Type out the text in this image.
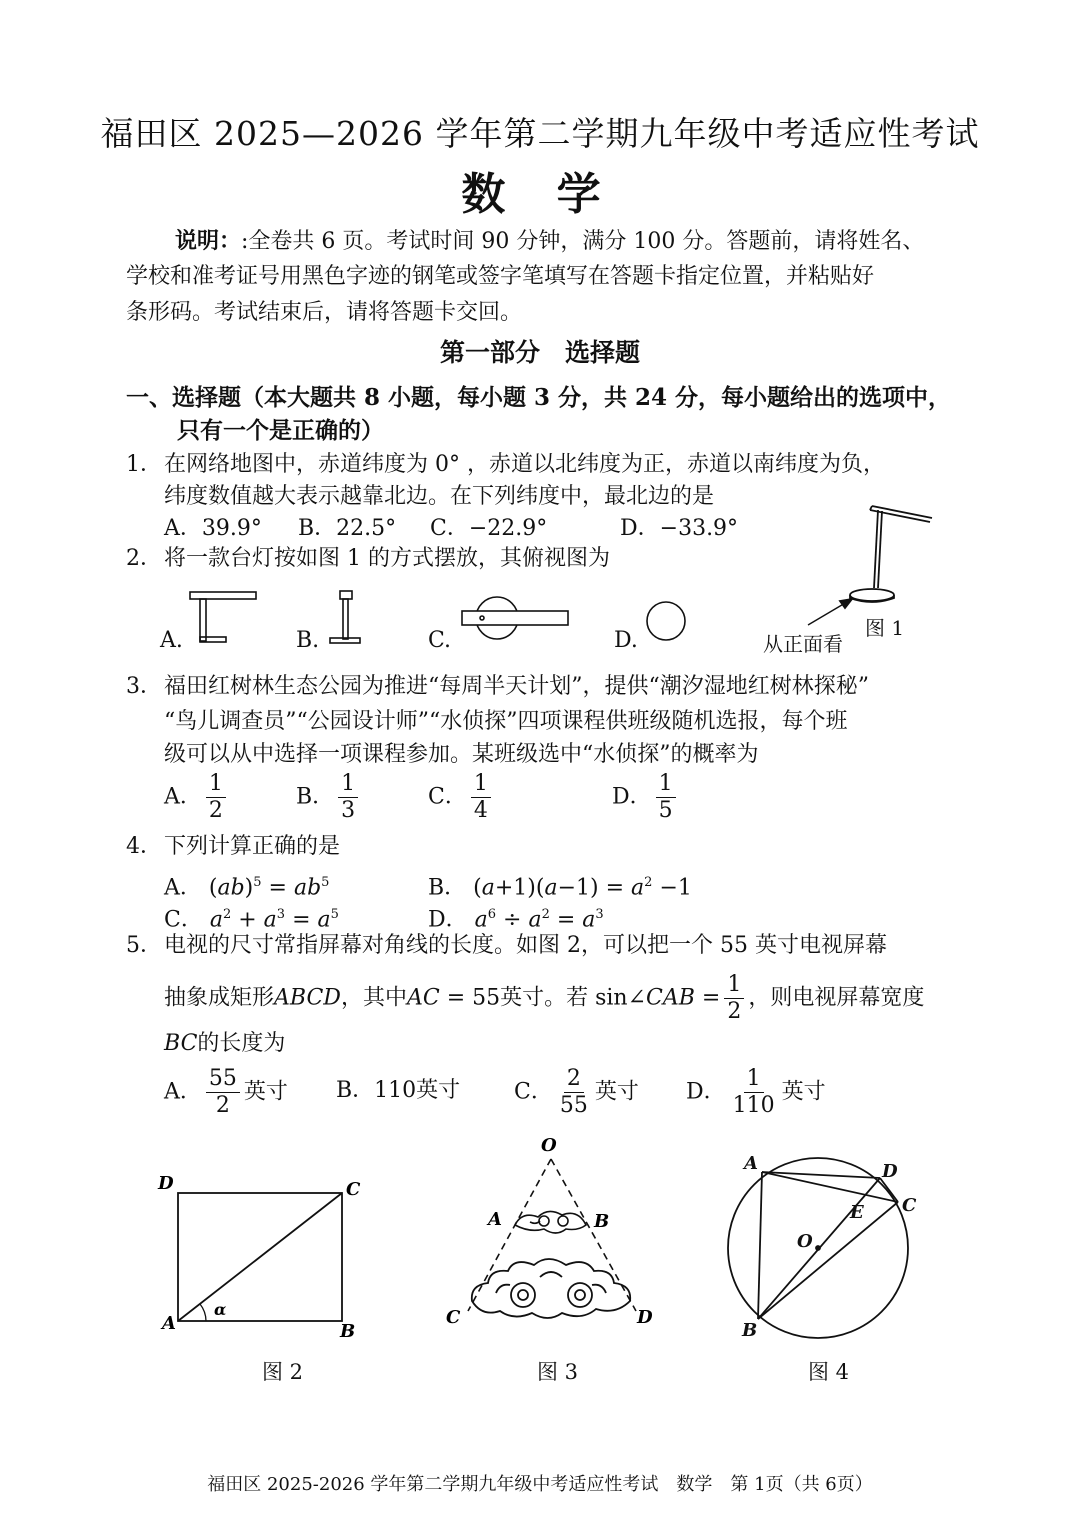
福田区 2025—2026 学年第二学期九年级中考适应性考试
数 学
说明：:全卷共 6 页。考试时间 90 分钟，满分 100 分。答题前，请将姓名、
学校和准考证号用黑色字迹的钢笔或签字笔填写在答题卡指定位置，并粘贴好
条形码。考试结束后，请将答题卡交回。
第一部分　选择题
一、选择题（本大题共 8 小题，每小题 3 分，共 24 分，每小题给出的选项中，
只有一个是正确的）
1． 在网络地图中，赤道纬度为 0° ，赤道以北纬度为正，赤道以南纬度为负，
纬度数值越大表示越靠北边。在下列纬度中，最北边的是
A．39.9° B．22.5° C．−22.9°	D．−33.9°
2． 将一款台灯按如图 1 的方式摆放，其俯视图为
A.	B.	C.	D.	从正面看
图 1
3． 福田红树林生态公园为推进“每周半天计划”，提供“潮汐湿地红树林探秘”
“鸟儿调查员”“公园设计师”“水侦探”四项课程供班级随机选报，每个班
级可以从中选择一项课程参加。某班级选中“水侦探”的概率为
A． $\frac{1}{2}$	B． $\frac{1}{3}$	C． $\frac{1}{4}$	D． $\frac{1}{5}$
4． 下列计算正确的是
A． $(ab)^5 = ab^5$	B． $(a+1)(a-1) = a^2 -1$
C． $a^2 + a^3 = a^5$	D． $a^6 \div a^2 = a^3$
5． 电视的尺寸常指屏幕对角线的长度。如图 2，可以把一个 55 英寸电视屏幕
抽象成矩形ABCD，其中AC = 55英寸。若 sin∠CAB = $\frac{1}{2}$ ，则电视屏幕宽度
BC的长度为
A． $\frac{55}{2}$ 英寸 B．110英寸 C． $\frac{2}{55}$ 英寸 D． $\frac{1}{110}$ 英寸
D	C
A	B
α
O
A	B
C	D
A	D
C
E
O
B
图 2	图 3	图 4
福田区 2025-2026 学年第二学期九年级中考适应性考试　数学　第 1页（共 6页）
